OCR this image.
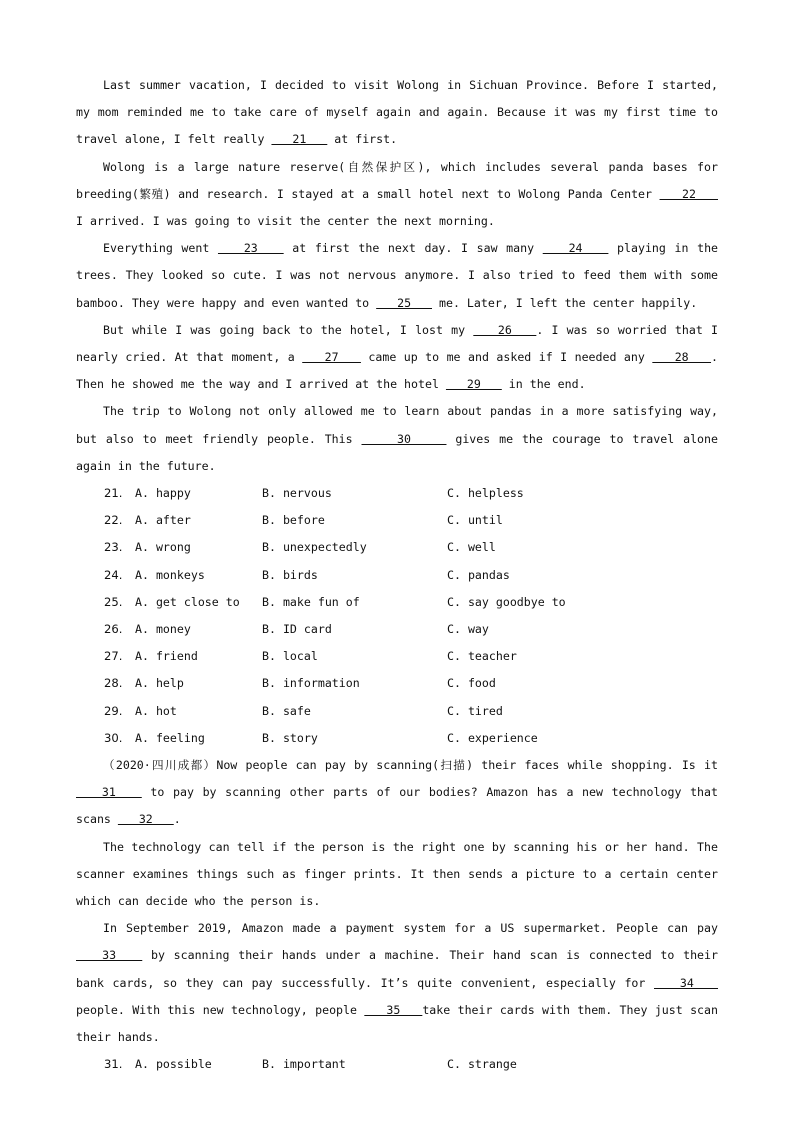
Last summer vacation, I decided to visit Wolong in Sichuan Province. Before I started, my mom reminded me to take care of myself again and again. Because it was my first time to travel alone, I felt really    21    at first.

Wolong is a large nature reserve(自然保护区), which includes several panda bases for breeding(繁殖) and research. I stayed at a small hotel next to Wolong Panda Center    22    I arrived. I was going to visit the center the next morning.

Everything went    23    at first the next day. I saw many    24    playing in the trees. They looked so cute. I was not nervous anymore. I also tried to feed them with some bamboo. They were happy and even wanted to    25    me. Later, I left the center happily.

But while I was going back to the hotel, I lost my    26   . I was so worried that I nearly cried. At that moment, a    27    came up to me and asked if I needed any    28   . Then he showed me the way and I arrived at the hotel    29    in the end.

The trip to Wolong not only allowed me to learn about pandas in a more satisfying way, but also to meet friendly people. This     30     gives me the courage to travel alone again in the future.

21.	A. happy	B. nervous	C. helpless
22.	A. after	B. before	C. until
23.	A. wrong	B. unexpectedly	C. well
24.	A. monkeys	B. birds	C. pandas
25.	A. get close to	B. make fun of	C. say goodbye to
26.	A. money	B. ID card	C. way
27.	A. friend	B. local	C. teacher
28.	A. help	B. information	C. food
29.	A. hot	B. safe	C. tired
30.	A. feeling	B. story	C. experience

（2020·四川成都）Now people can pay by scanning(扫描) their faces while shopping. Is it    31    to pay by scanning other parts of our bodies? Amazon has a new technology that scans    32   .

The technology can tell if the person is the right one by scanning his or her hand. The scanner examines things such as finger prints. It then sends a picture to a certain center which can decide who the person is.

In September 2019, Amazon made a payment system for a US supermarket. People can pay    33    by scanning their hands under a machine. Their hand scan is connected to their bank cards, so they can pay successfully. It’s quite convenient, especially for    34    people. With this new technology, people    35   take their cards with them. They just scan their hands.

31.	A. possible	B. important	C. strange
